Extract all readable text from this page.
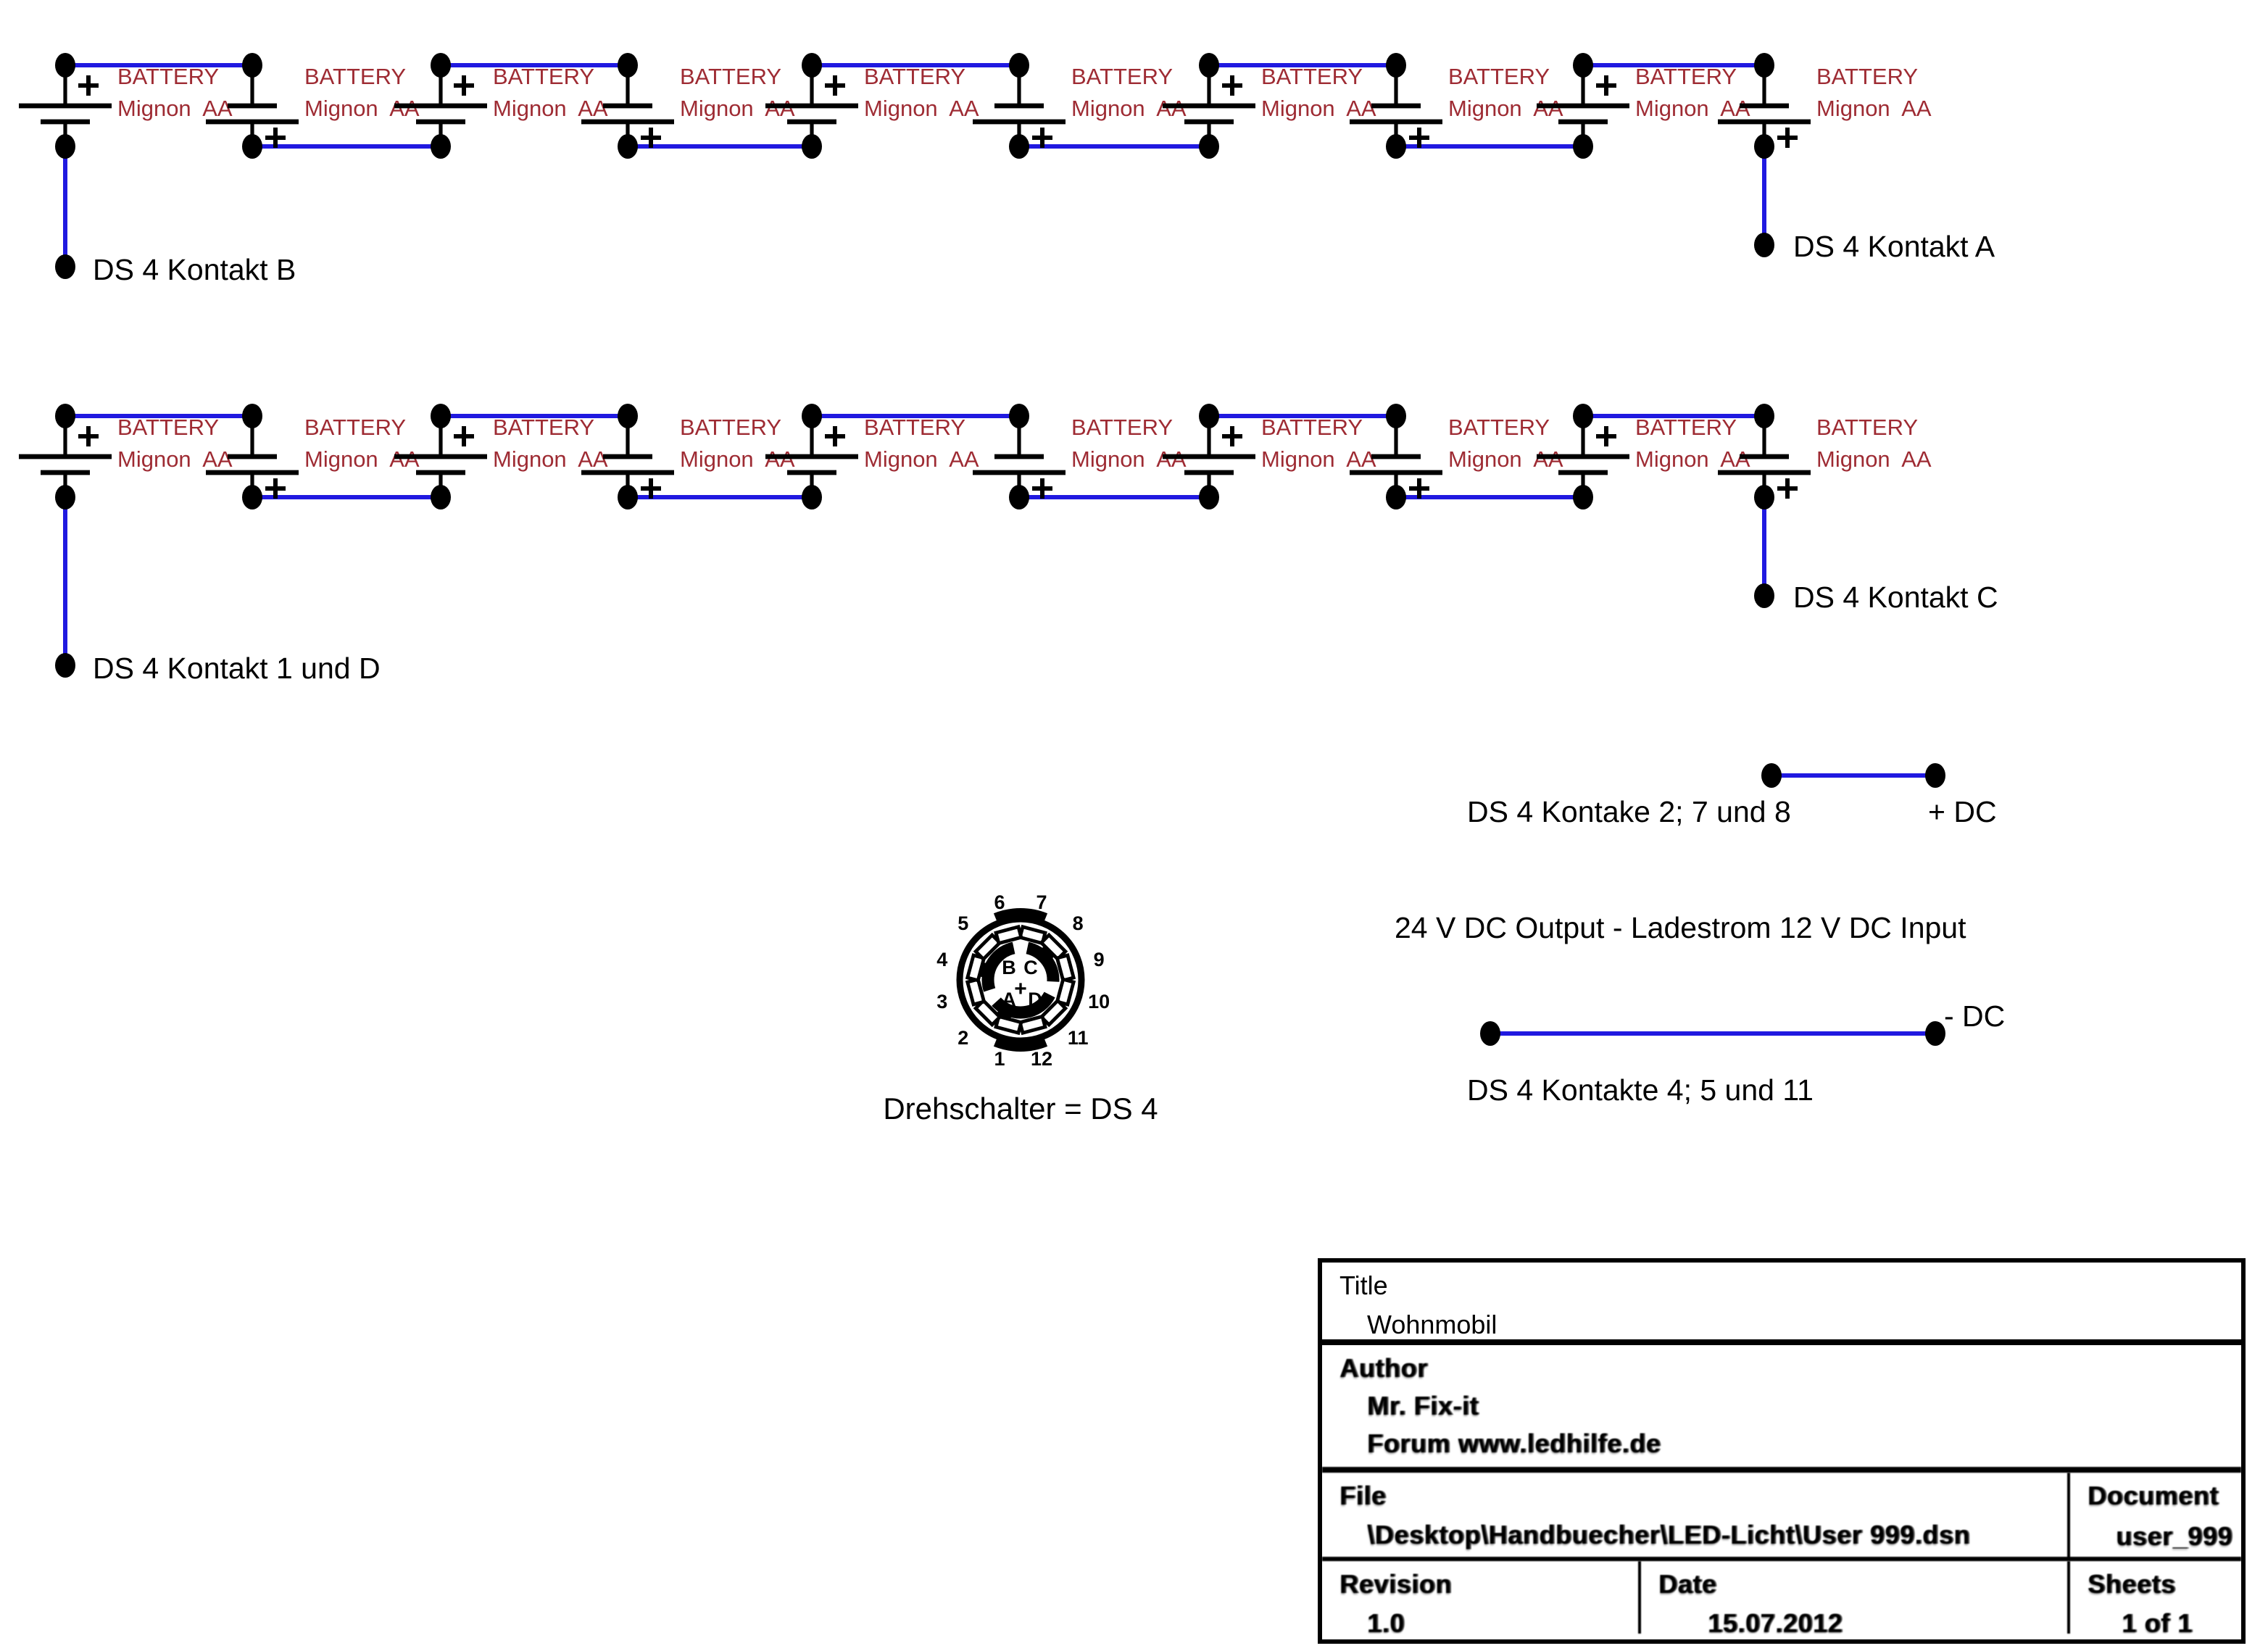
BATTERY
Mignon  AA
BATTERY
Mignon  AA
BATTERY
Mignon  AA
BATTERY
Mignon  AA
BATTERY
Mignon  AA
BATTERY
Mignon  AA
BATTERY
Mignon  AA
BATTERY
Mignon  AA
BATTERY
Mignon  AA
BATTERY
Mignon  AA
BATTERY
Mignon  AA
BATTERY
Mignon  AA
BATTERY
Mignon  AA
BATTERY
Mignon  AA
BATTERY
Mignon  AA
BATTERY
Mignon  AA
BATTERY
Mignon  AA
BATTERY
Mignon  AA
BATTERY
Mignon  AA
BATTERY
Mignon  AA
7
8
9
10
11
12
1
2
3
4
5
6
DS 4 Kontakt B
DS 4 Kontakt A
DS 4 Kontakt 1 und D
DS 4 Kontakt C
DS 4 Kontake 2; 7 und 8	+ DC
24 V DC Output - Ladestrom 12 V DC Input
- DC
DS 4 Kontakte 4; 5 und 11
B C
A D
+
Drehschalter = DS 4
Title
Wohnmobil
Author
Mr. Fix-it
Forum www.ledhilfe.de
File
\Desktop\Handbuecher\LED-Licht\User 999.dsn
Document
user_999
Revision
1.0
Date
15.07.2012
Sheets
1 of 1
